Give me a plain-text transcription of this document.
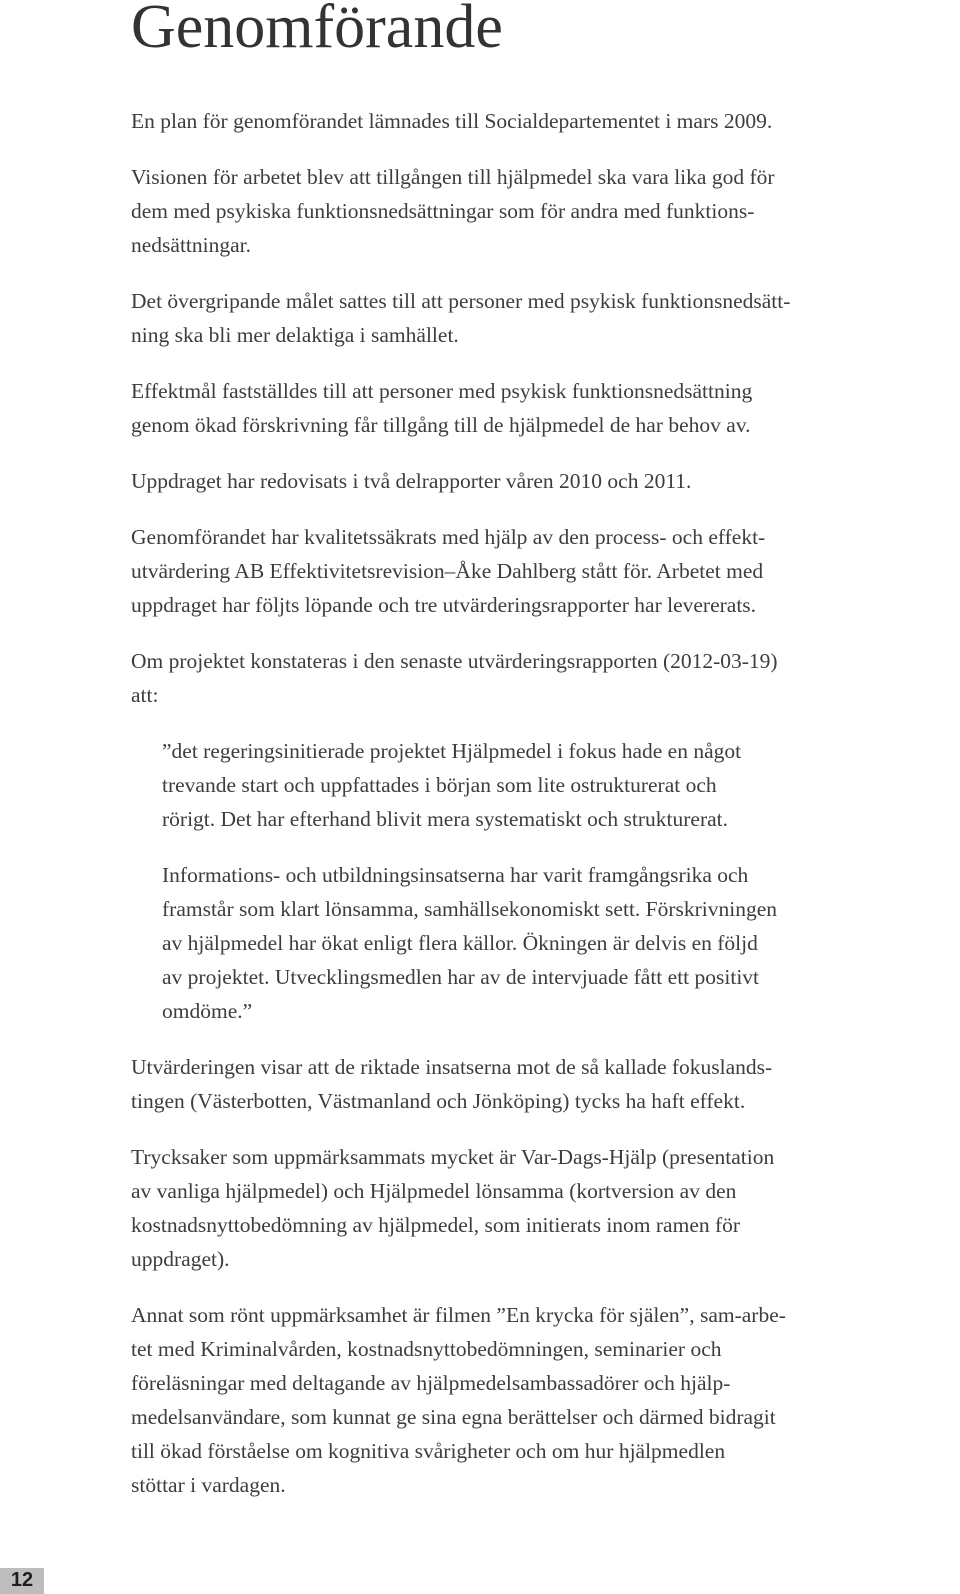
Genomförande

En plan för genomförandet lämnades till Socialdepartementet i mars 2009.

Visionen för arbetet blev att tillgången till hjälpmedel ska vara lika god för
dem med psykiska funktionsnedsättningar som för andra med funktions-
nedsättningar.

Det övergripande målet sattes till att personer med psykisk funktionsnedsätt-
ning ska bli mer delaktiga i samhället.

Effektmål fastställdes till att personer med psykisk funktionsnedsättning
genom ökad förskrivning får tillgång till de hjälpmedel de har behov av.

Uppdraget har redovisats i två delrapporter våren 2010 och 2011.

Genomförandet har kvalitetssäkrats med hjälp av den process- och effekt-
utvärdering AB Effektivitetsrevision–Åke Dahlberg stått för. Arbetet med
uppdraget har följts löpande och tre utvärderingsrapporter har levererats.

Om projektet konstateras i den senaste utvärderingsrapporten (2012-03-19)
att:

”det regeringsinitierade projektet Hjälpmedel i fokus hade en något
trevande start och uppfattades i början som lite ostrukturerat och
rörigt. Det har efterhand blivit mera systematiskt och strukturerat.

Informations- och utbildningsinsatserna har varit framgångsrika och
framstår som klart lönsamma, samhällsekonomiskt sett. Förskrivningen
av hjälpmedel har ökat enligt flera källor. Ökningen är delvis en följd
av projektet. Utvecklingsmedlen har av de intervjuade fått ett positivt
omdöme.”

Utvärderingen visar att de riktade insatserna mot de så kallade fokuslands-
tingen (Västerbotten, Västmanland och Jönköping) tycks ha haft effekt.

Trycksaker som uppmärksammats mycket är Var-Dags-Hjälp (presentation
av vanliga hjälpmedel) och Hjälpmedel lönsamma (kortversion av den
kostnadsnyttobedömning av hjälpmedel, som initierats inom ramen för
uppdraget).

Annat som rönt uppmärksamhet är filmen ”En krycka för själen”, sam-arbe-
tet med Kriminalvården, kostnadsnyttobedömningen, seminarier och
föreläsningar med deltagande av hjälpmedelsambassadörer och hjälp-
medelsanvändare, som kunnat ge sina egna berättelser och därmed bidragit
till ökad förståelse om kognitiva svårigheter och om hur hjälpmedlen
stöttar i vardagen.

12
